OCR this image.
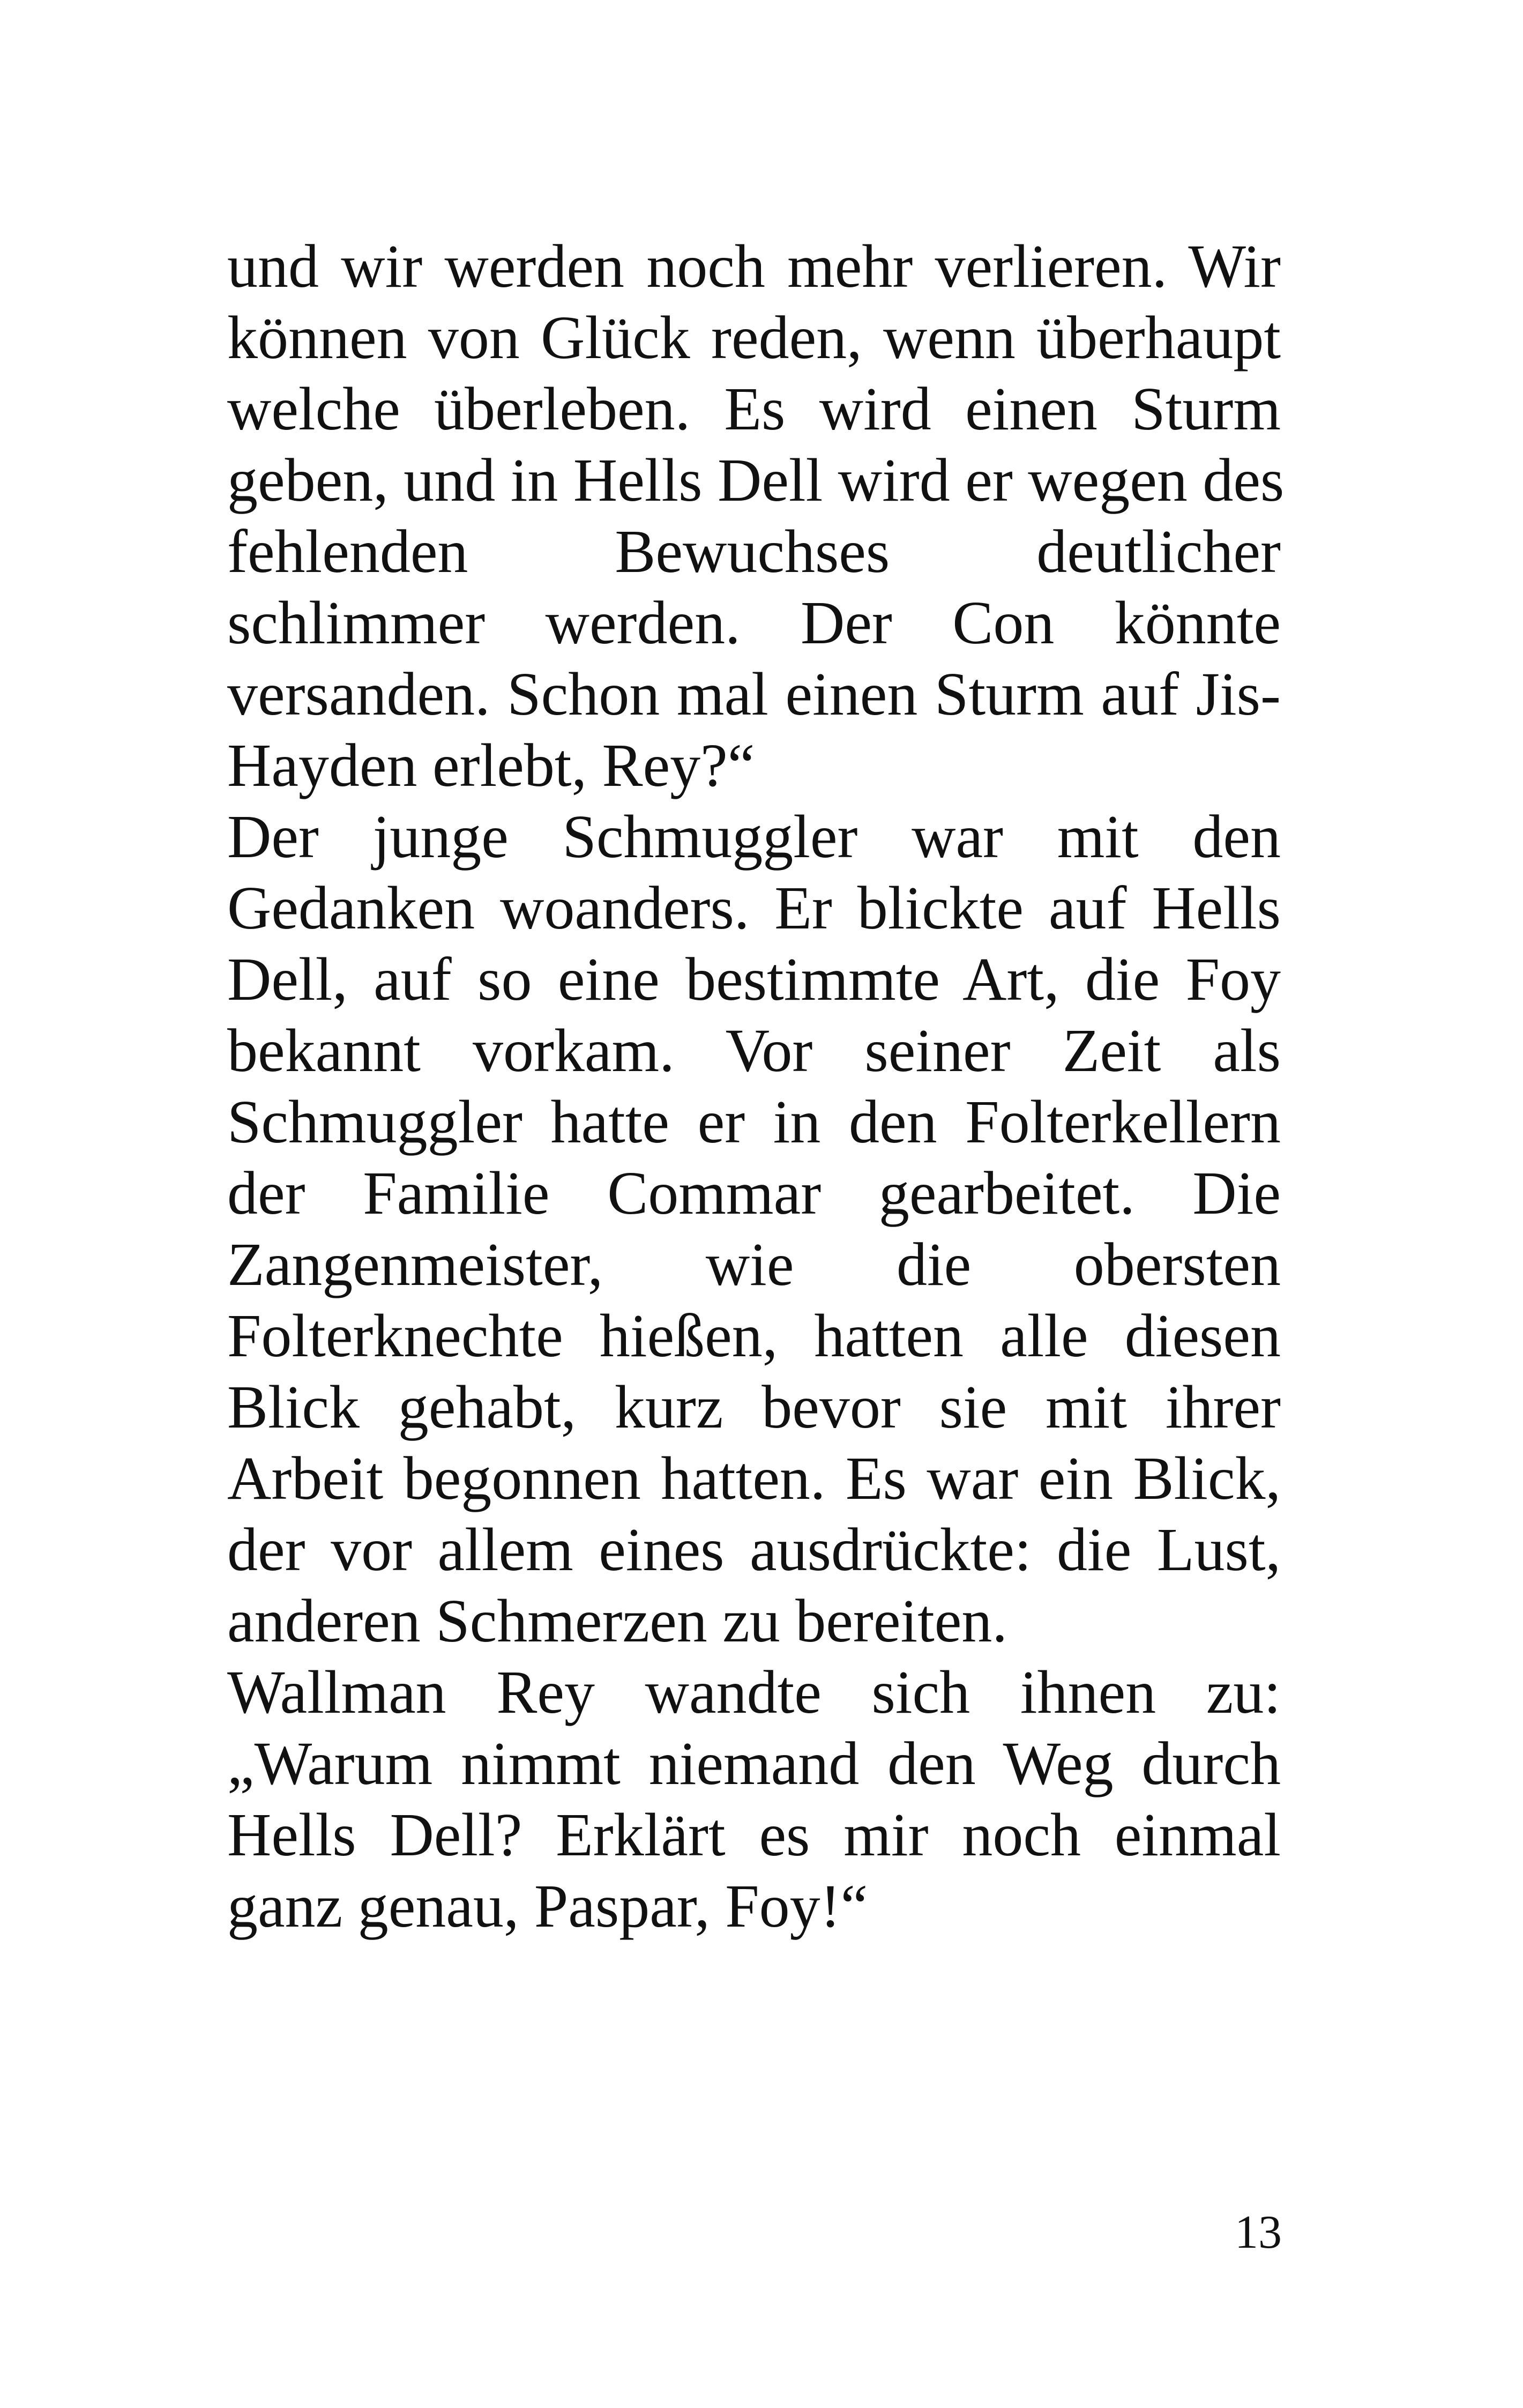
und wir werden noch mehr verlieren. Wir
können von Glück reden, wenn überhaupt
welche überleben. Es wird einen Sturm
geben, und in Hells Dell wird er wegen des
fehlenden Bewuchses deutlicher
schlimmer werden. Der Con könnte
versanden. Schon mal einen Sturm auf Jis-
Hayden erlebt, Rey?“
Der junge Schmuggler war mit den
Gedanken woanders. Er blickte auf Hells
Dell, auf so eine bestimmte Art, die Foy
bekannt vorkam. Vor seiner Zeit als
Schmuggler hatte er in den Folterkellern
der Familie Commar gearbeitet. Die
Zangenmeister, wie die obersten
Folterknechte hießen, hatten alle diesen
Blick gehabt, kurz bevor sie mit ihrer
Arbeit begonnen hatten. Es war ein Blick,
der vor allem eines ausdrückte: die Lust,
anderen Schmerzen zu bereiten.
Wallman Rey wandte sich ihnen zu:
„Warum nimmt niemand den Weg durch
Hells Dell? Erklärt es mir noch einmal
ganz genau, Paspar, Foy!“
13
